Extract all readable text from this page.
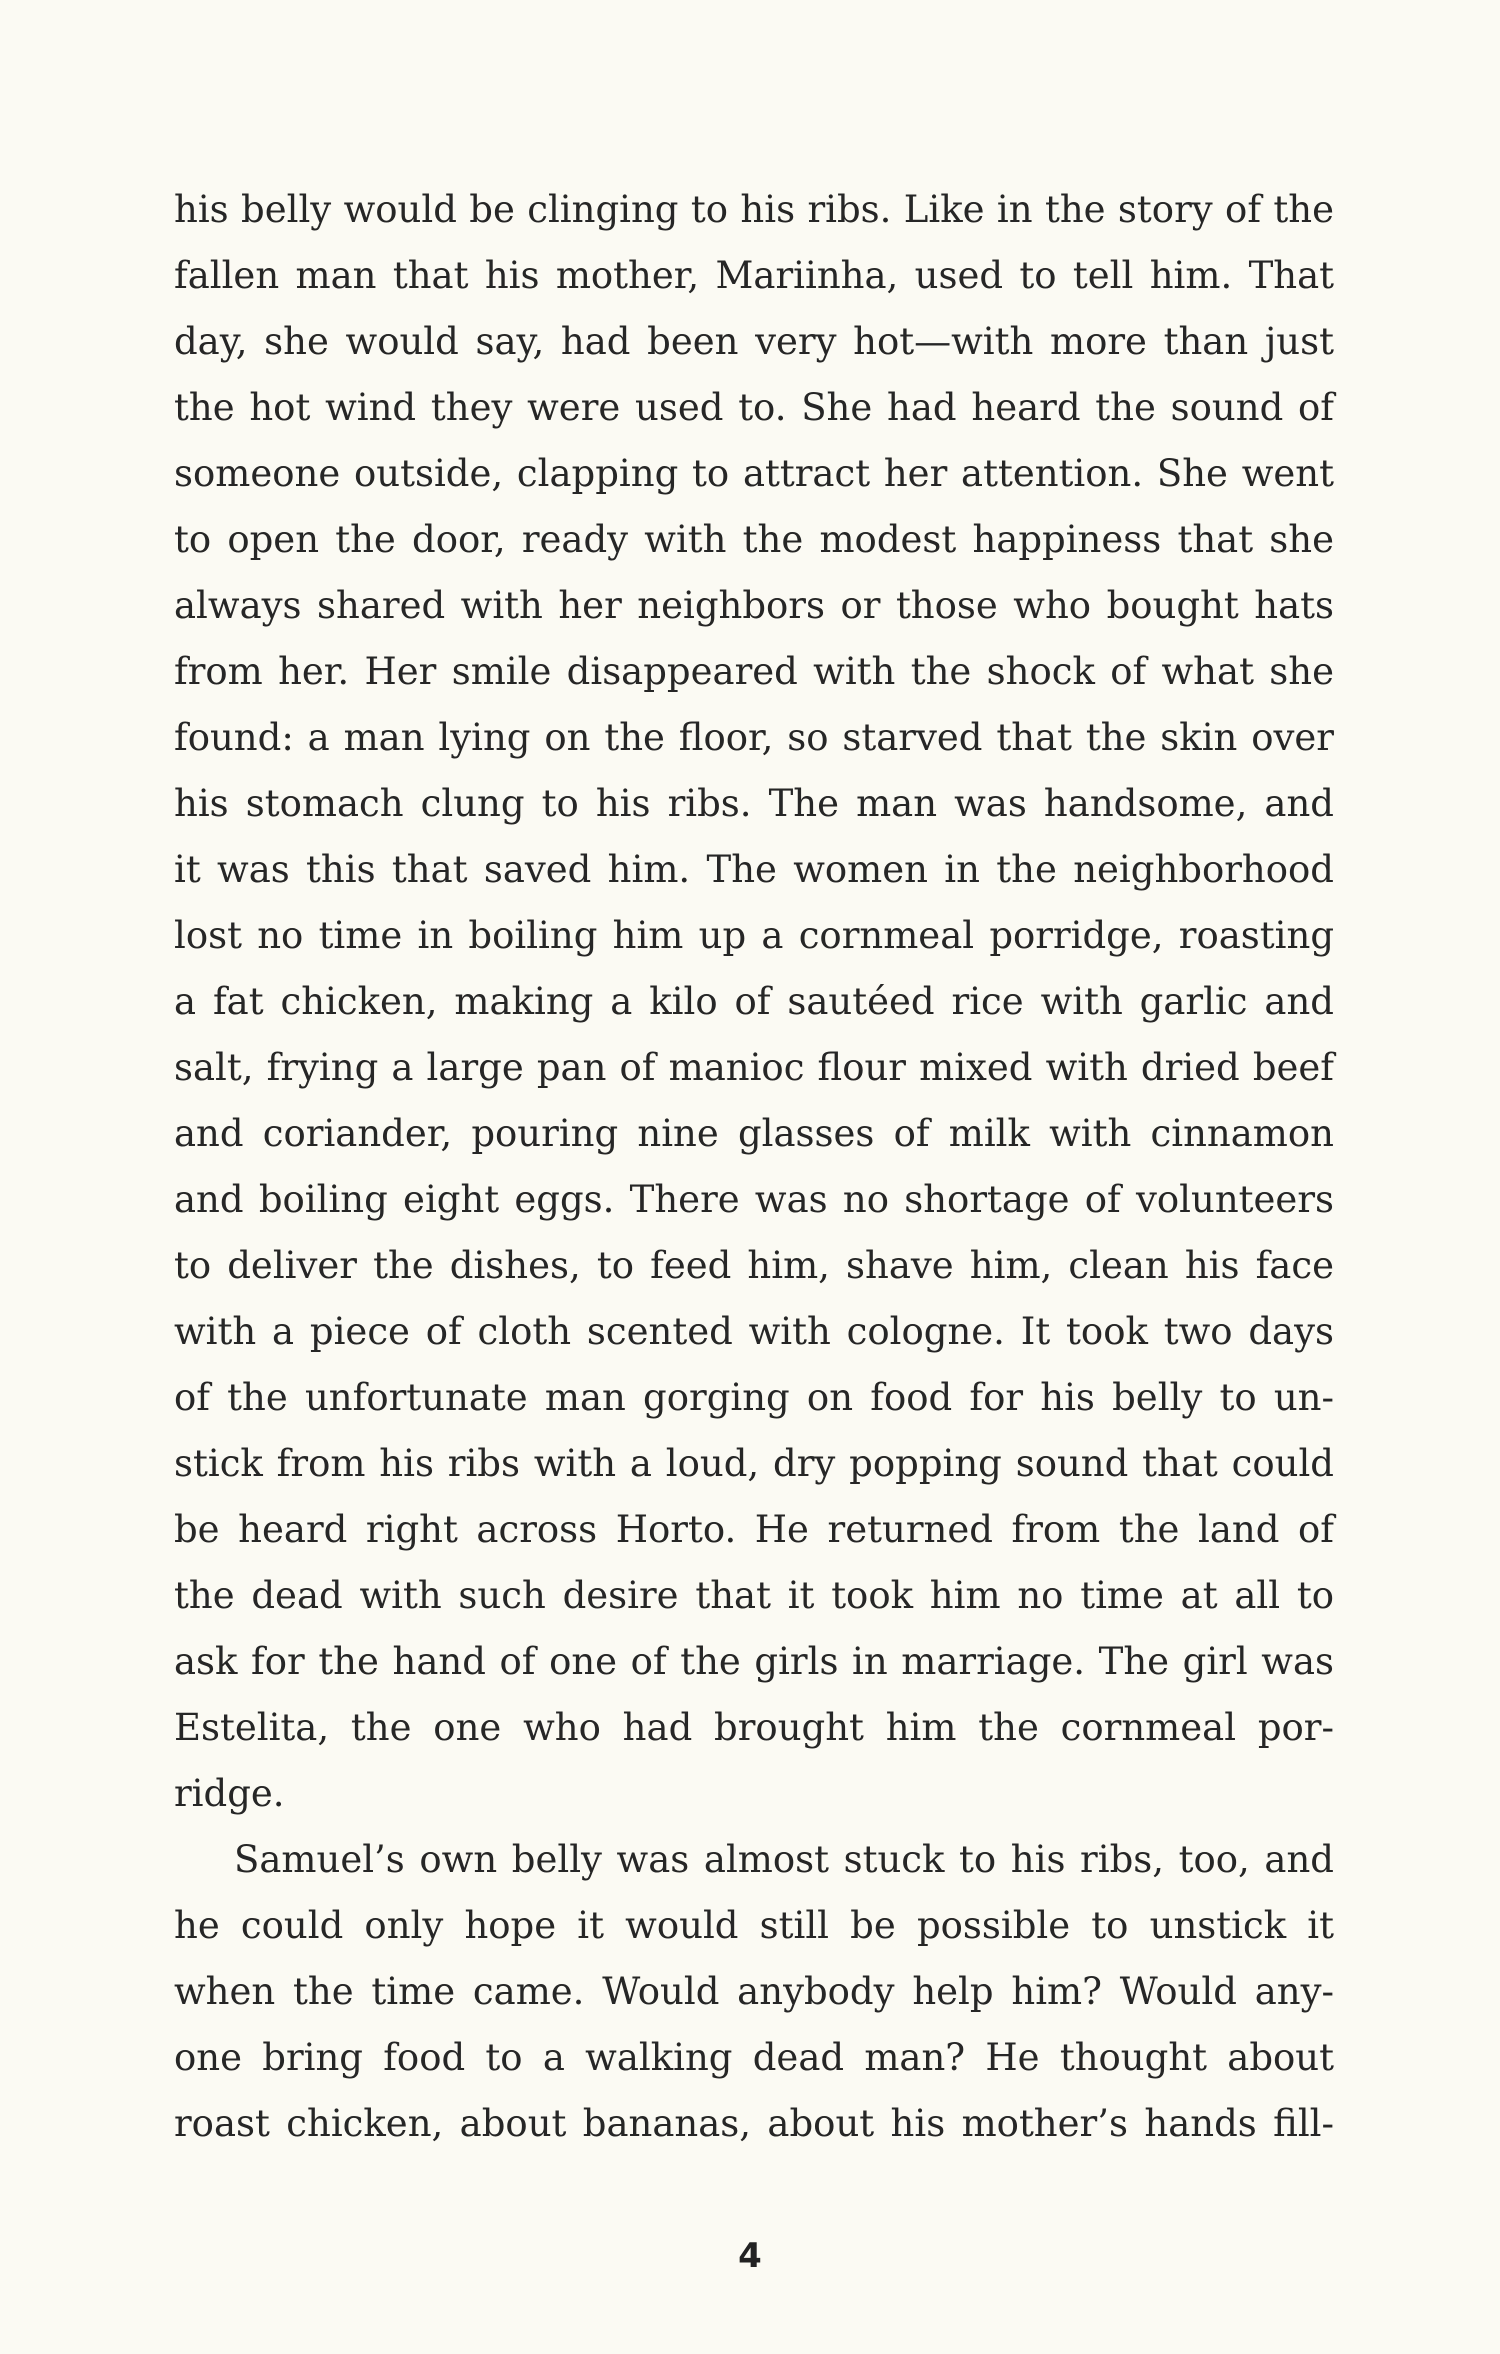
his belly would be clinging to his ribs. Like in the story of the
fallen man that his mother, Mariinha, used to tell him. That
day, she would say, had been very hot—with more than just
the hot wind they were used to. She had heard the sound of
someone outside, clapping to attract her attention. She went
to open the door, ready with the modest happiness that she
always shared with her neighbors or those who bought hats
from her. Her smile disappeared with the shock of what she
found: a man lying on the floor, so starved that the skin over
his stomach clung to his ribs. The man was handsome, and
it was this that saved him. The women in the neighborhood
lost no time in boiling him up a cornmeal porridge, roasting
a fat chicken, making a kilo of sautéed rice with garlic and
salt, frying a large pan of manioc flour mixed with dried beef
and coriander, pouring nine glasses of milk with cinnamon
and boiling eight eggs. There was no shortage of volunteers
to deliver the dishes, to feed him, shave him, clean his face
with a piece of cloth scented with cologne. It took two days
of the unfortunate man gorging on food for his belly to un-
stick from his ribs with a loud, dry popping sound that could
be heard right across Horto. He returned from the land of
the dead with such desire that it took him no time at all to
ask for the hand of one of the girls in marriage. The girl was
Estelita, the one who had brought him the cornmeal por-
ridge.
Samuel’s own belly was almost stuck to his ribs, too, and
he could only hope it would still be possible to unstick it
when the time came. Would anybody help him? Would any-
one bring food to a walking dead man? He thought about
roast chicken, about bananas, about his mother’s hands fill-
4
